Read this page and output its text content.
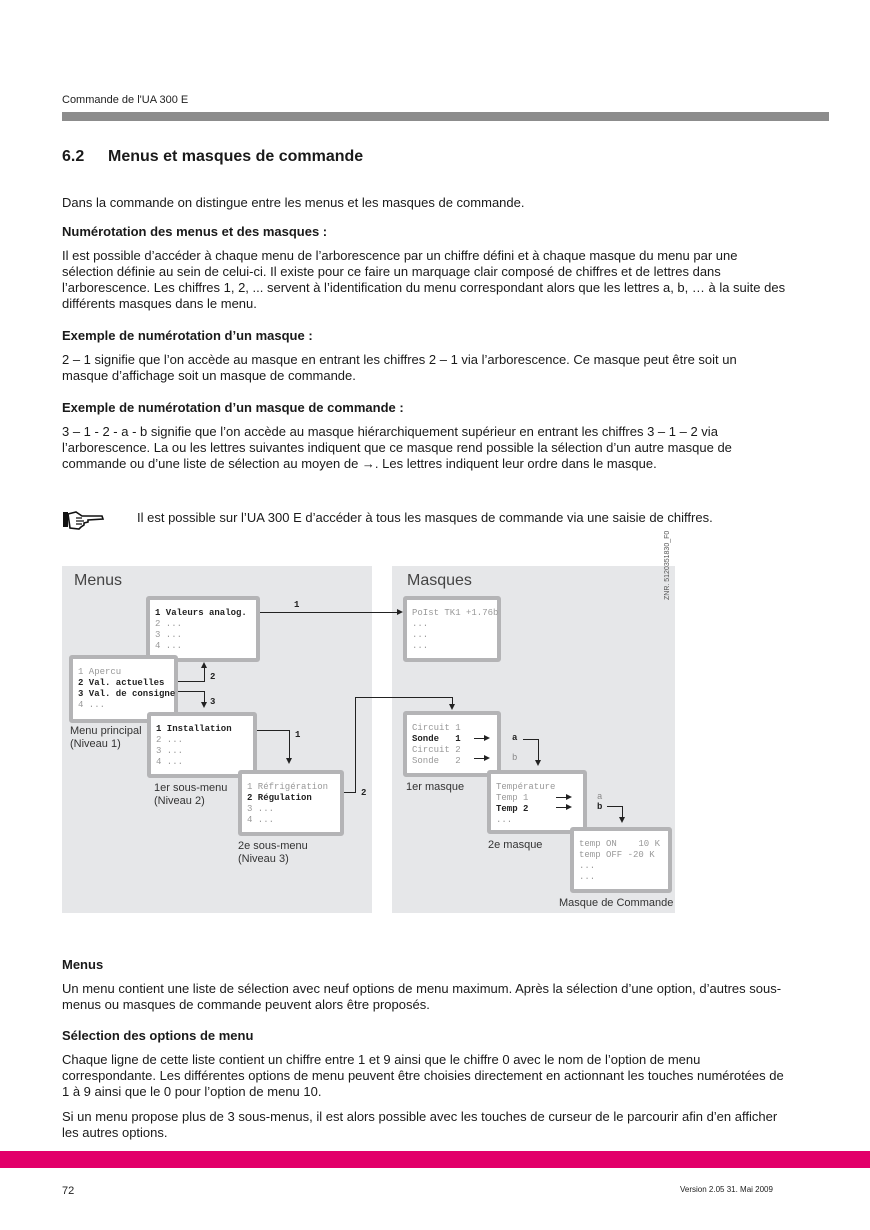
Commande de l'UA 300 E
6.2 Menus et masques de commande
Dans la commande on distingue entre les menus et les masques de commande.
Numérotation des menus et des masques :
Il est possible d’accéder à chaque menu de l’arborescence par un chiffre défini et à chaque masque du menu par une sélection définie au sein de celui-ci. Il existe pour ce faire un marquage clair composé de chiffres et de lettres dans l’arborescence. Les chiffres 1, 2, ... servent à l’identification du menu correspondant alors que les lettres a, b, … à la suite des différents masques dans le menu.
Exemple de numérotation d’un masque :
2 – 1 signifie que l’on accède au masque en entrant les chiffres 2 – 1 via l’arborescence. Ce masque peut être soit un masque d’affichage soit un masque de commande.
Exemple de numérotation d’un masque de commande :
3 – 1 - 2 - a - b signifie que l’on accède au masque hiérarchiquement supérieur en entrant les chiffres 3 – 1 – 2 via l’arborescence. La ou les lettres suivantes indiquent que ce masque rend possible la sélection d’un autre masque de commande ou d’une liste de sélection au moyen de →. Les lettres indiquent leur ordre dans le masque.
Il est possible sur l’UA 300 E d’accéder à tous les masques de commande via une saisie de chiffres.
Menus	Masques	ZNR. 5120351830_F0
1 Valeurs analog.
2 ...
3 ...
4 ...
1 Apercu
2 Val. actuelles
3 Val. de consigne
4 ...
Menu principal
(Niveau 1)
1 Installation
2 ...
3 ...
4 ...
1er sous-menu
(Niveau 2)
1 Réfrigération
2 Régulation
3 ...
4 ...
2e sous-menu
(Niveau 3)
PoIst TK1 +1.76b
...
...
...
Circuit 1
Sonde   1
Circuit 2
Sonde   2
1er masque	Température
Temp 1
Temp 2
...
2e masque	temp ON    10 K
temp OFF -20 K
...
...
Masque de Commande
1
2
3
1
2
a
b
a
b
Menus
Un menu contient une liste de sélection avec neuf options de menu maximum. Après la sélection d’une option, d’autres sous-menus ou masques de commande peuvent alors être proposés.
Sélection des options de menu
Chaque ligne de cette liste contient un chiffre entre 1 et 9 ainsi que le chiffre 0 avec le nom de l’option de menu correspondante. Les différentes options de menu peuvent être choisies directement en actionnant les touches numérotées de 1 à 9 ainsi que le 0 pour l’option de menu 10.
Si un menu propose plus de 3 sous-menus, il est alors possible avec les touches de curseur de le parcourir afin d’en afficher les autres options.
72	Version 2.05 31. Mai 2009
